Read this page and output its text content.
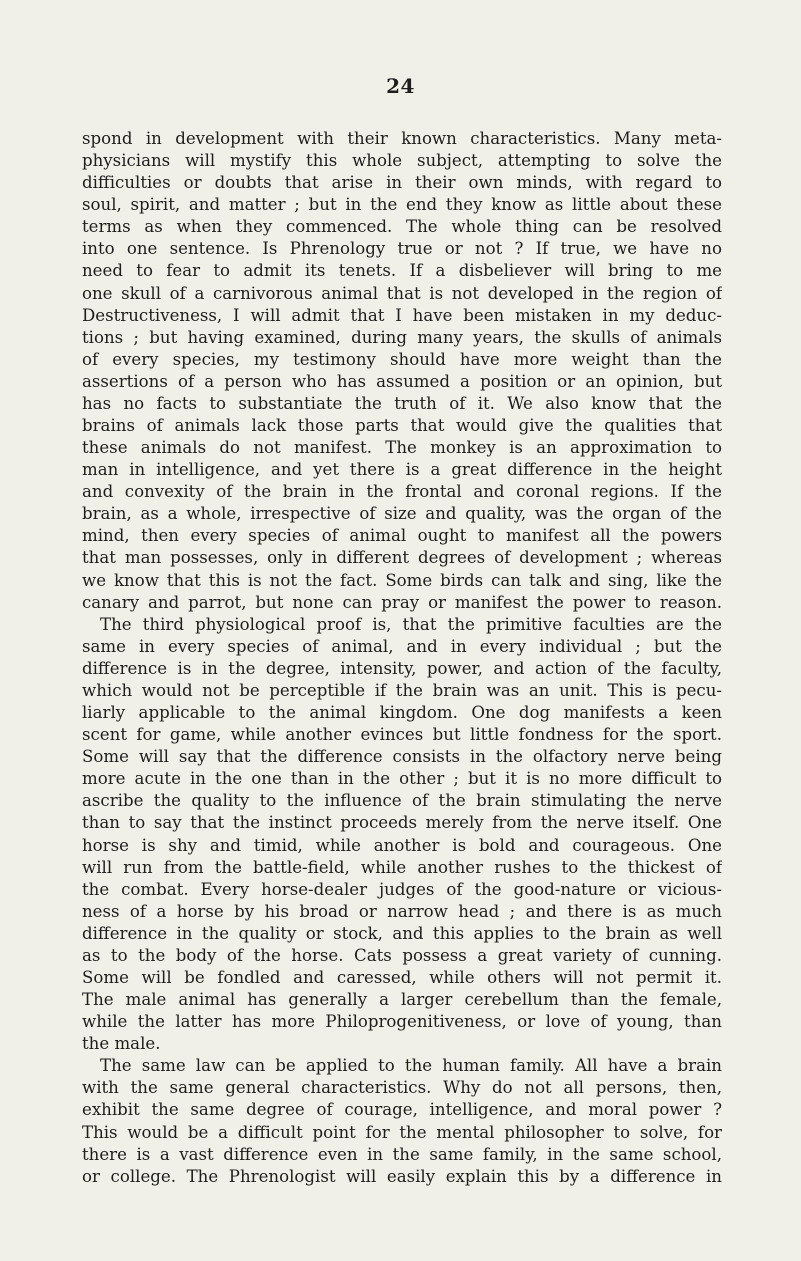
24
spond in development with their known characteristics. Many meta-
physicians will mystify this whole subject, attempting to solve the
difficulties or doubts that arise in their own minds, with regard to
soul, spirit, and matter ; but in the end they know as little about these
terms as when they commenced. The whole thing can be resolved
into one sentence. Is Phrenology true or not ? If true, we have no
need to fear to admit its tenets. If a disbeliever will bring to me
one skull of a carnivorous animal that is not developed in the region of
Destructiveness, I will admit that I have been mistaken in my deduc-
tions ; but having examined, during many years, the skulls of animals
of every species, my testimony should have more weight than the
assertions of a person who has assumed a position or an opinion, but
has no facts to substantiate the truth of it. We also know that the
brains of animals lack those parts that would give the qualities that
these animals do not manifest. The monkey is an approximation to
man in intelligence, and yet there is a great difference in the height
and convexity of the brain in the frontal and coronal regions. If the
brain, as a whole, irrespective of size and quality, was the organ of the
mind, then every species of animal ought to manifest all the powers
that man possesses, only in different degrees of development ; whereas
we know that this is not the fact. Some birds can talk and sing, like the
canary and parrot, but none can pray or manifest the power to reason.
The third physiological proof is, that the primitive faculties are the
same in every species of animal, and in every individual ; but the
difference is in the degree, intensity, power, and action of the faculty,
which would not be perceptible if the brain was an unit. This is pecu-
liarly applicable to the animal kingdom. One dog manifests a keen
scent for game, while another evinces but little fondness for the sport.
Some will say that the difference consists in the olfactory nerve being
more acute in the one than in the other ; but it is no more difficult to
ascribe the quality to the influence of the brain stimulating the nerve
than to say that the instinct proceeds merely from the nerve itself. One
horse is shy and timid, while another is bold and courageous. One
will run from the battle-field, while another rushes to the thickest of
the combat. Every horse-dealer judges of the good-nature or vicious-
ness of a horse by his broad or narrow head ; and there is as much
difference in the quality or stock, and this applies to the brain as well
as to the body of the horse. Cats possess a great variety of cunning.
Some will be fondled and caressed, while others will not permit it.
The male animal has generally a larger cerebellum than the female,
while the latter has more Philoprogenitiveness, or love of young, than
the male.
The same law can be applied to the human family. All have a brain
with the same general characteristics. Why do not all persons, then,
exhibit the same degree of courage, intelligence, and moral power ?
This would be a difficult point for the mental philosopher to solve, for
there is a vast difference even in the same family, in the same school,
or college. The Phrenologist will easily explain this by a difference in
